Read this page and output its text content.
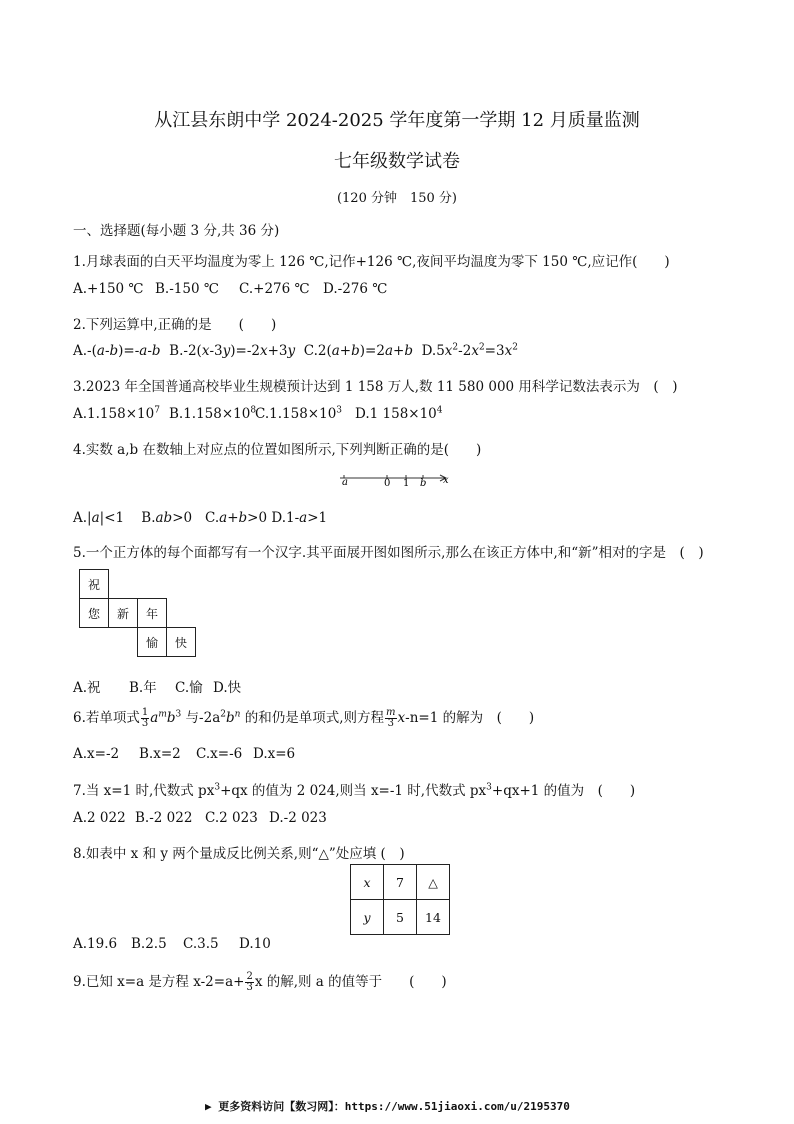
从江县东朗中学 2024-2025 学年度第一学期 12 月质量监测
七年级数学试卷
(120 分钟　150 分)
一、选择题(每小题 3 分,共 36 分)
1.月球表面的白天平均温度为零上 126 ℃,记作+126 ℃,夜间平均温度为零下 150 ℃,应记作(　　)
A.+150 ℃ B.-150 ℃ C.+276 ℃ D.-276 ℃
2.下列运算中,正确的是　　(　　)
A.-(a-b)=-a-b B.-2(x-3y)=-2x+3y C.2(a+b)=2a+b $D.5x^2-2x^2=3x^2$
3.2023 年全国普通高校毕业生规模预计达到 1 158 万人,数 11 580 000 用科学记数法表示为　(　)
$A.1.158\times 10^7$ $B.1.158\times 10^8C.1.158\times 10^3$ D.1 $158\times 10^4$
4.实数 a,b 在数轴上对应点的位置如图所示,下列判断正确的是(　　)
a	0 1 b x
A.|a|<1 B.ab>0 C.a+b>0 D.1-a>1
5.一个正方体的每个面都写有一个汉字.其平面展开图如图所示,那么在该正方体中,和“新”相对的字是　(　)
祝
您	新	年
愉	快
A.祝 B.年 C.愉 D.快
6.若单项式 $\frac{1}{3} a^mb^3$ 与$-2a^2b^n$ 的和仍是单项式,则方程 $\frac{m}{3} x-n=1$ 的解为　(　　)
A.x=-2 B.x=2 C.x=-6 D.x=6
7.当 x=1 时,代数式 $px^3+qx$ 的值为 2 024,则当 x=-1 时,代数式 $px^3+qx+1$ 的值为　(　　)
A.2 022 B.-2 022 C.2 023 D.-2 023
8.如表中 x 和 y 两个量成反比例关系,则“△”处应填 (　)
x	7	△
y	5	14
A.19.6 B.2.5 C.3.5 D.10
9.已知 x=a 是方程 $x-2=a+ \frac{2}{3}$ x 的解,则 a 的值等于　　(　　)
▶ 更多资料访问【数习网】：https://www.51jiaoxi.com/u/2195370
